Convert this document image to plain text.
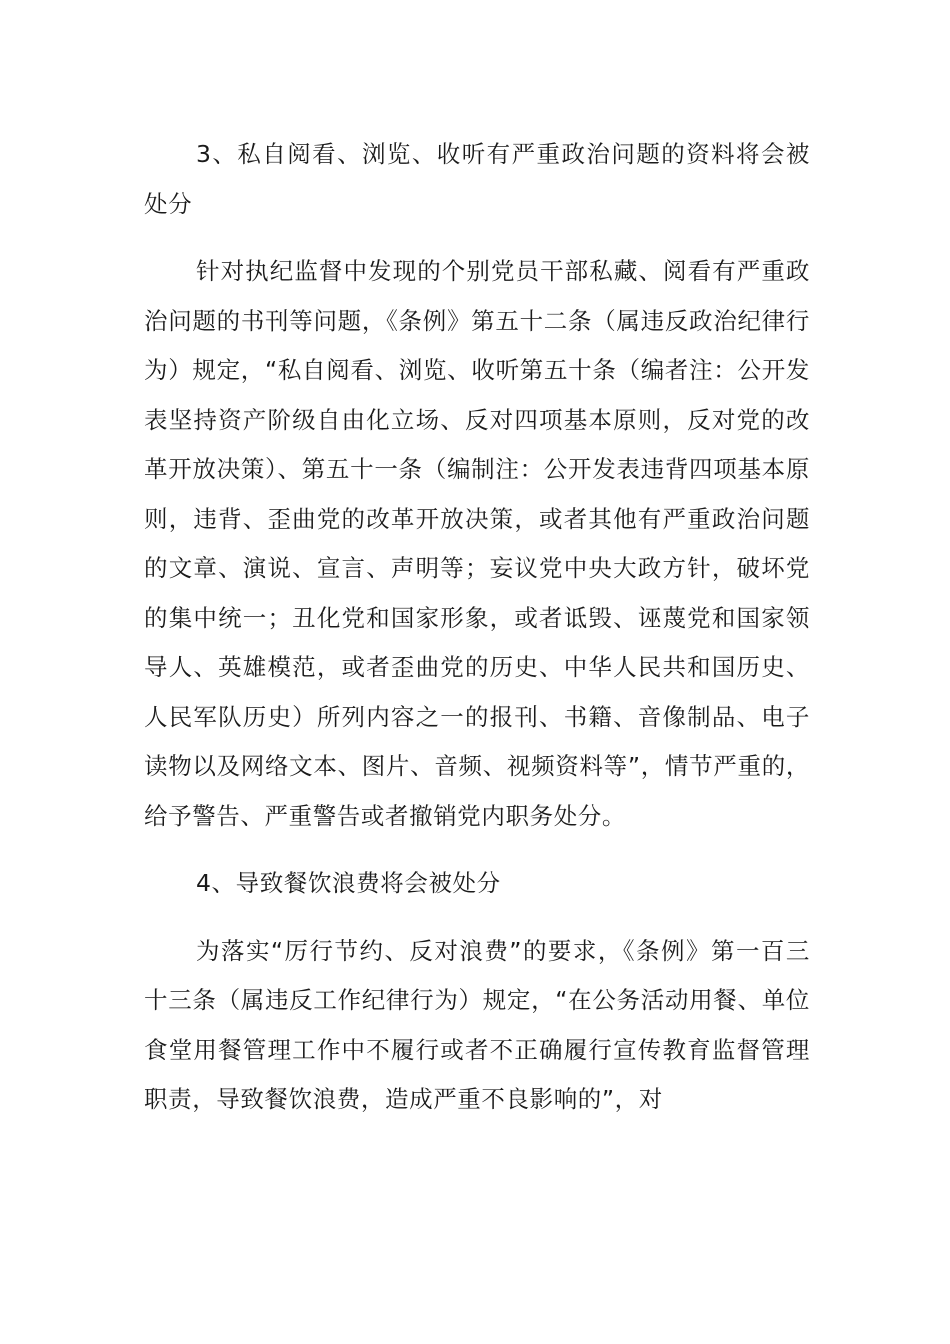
3、私自阅看、浏览、收听有严重政治问题的资料将会被处分

针对执纪监督中发现的个别党员干部私藏、阅看有严重政治问题的书刊等问题，《条例》第五十二条（属违反政治纪律行为）规定，“私自阅看、浏览、收听第五十条（编者注：公开发表坚持资产阶级自由化立场、反对四项基本原则，反对党的改革开放决策）、第五十一条（编制注：公开发表违背四项基本原则，违背、歪曲党的改革开放决策，或者其他有严重政治问题的文章、演说、宣言、声明等；妄议党中央大政方针，破坏党的集中统一；丑化党和国家形象，或者诋毁、诬蔑党和国家领导人、英雄模范，或者歪曲党的历史、中华人民共和国历史、人民军队历史）所列内容之一的报刊、书籍、音像制品、电子读物以及网络文本、图片、音频、视频资料等”，情节严重的，给予警告、严重警告或者撤销党内职务处分。

4、导致餐饮浪费将会被处分

为落实“厉行节约、反对浪费”的要求，《条例》第一百三十三条（属违反工作纪律行为）规定，“在公务活动用餐、单位食堂用餐管理工作中不履行或者不正确履行宣传教育监督管理职责，导致餐饮浪费，造成严重不良影响的”，对
